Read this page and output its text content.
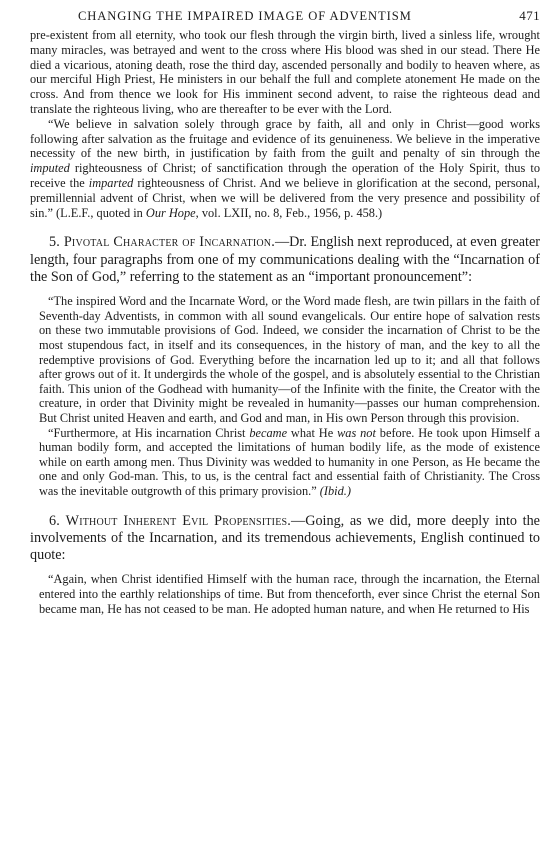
CHANGING THE IMPAIRED IMAGE OF ADVENTISM	471

pre-existent from all eternity, who took our flesh through the virgin birth, lived a sinless life, wrought many miracles, was betrayed and went to the cross where His blood was shed in our stead. There He died a vicarious, atoning death, rose the third day, ascended personally and bodily to heaven where, as our merciful High Priest, He ministers in our behalf the full and complete atonement He made on the cross. And from thence we look for His imminent second advent, to raise the righteous dead and translate the righteous living, who are thereafter to be ever with the Lord.

“We believe in salvation solely through grace by faith, all and only in Christ—good works following after salvation as the fruitage and evidence of its genuineness. We believe in the imperative necessity of the new birth, in justification by faith from the guilt and penalty of sin through the imputed righteousness of Christ; of sanctification through the operation of the Holy Spirit, thus to receive the imparted righteousness of Christ. And we believe in glorification at the second, personal, premillennial advent of Christ, when we will be delivered from the very presence and possibility of sin.” (L.E.F., quoted in Our Hope, vol. LXII, no. 8, Feb., 1956, p. 458.)

5. Pivotal Character of Incarnation.—Dr. English next reproduced, at even greater length, four paragraphs from one of my communications dealing with the “Incarnation of the Son of God,” referring to the statement as an “important pronouncement”:

“The inspired Word and the Incarnate Word, or the Word made flesh, are twin pillars in the faith of Seventh-day Adventists, in common with all sound evangelicals. Our entire hope of salvation rests on these two immutable provisions of God. Indeed, we consider the incarnation of Christ to be the most stupendous fact, in itself and its consequences, in the history of man, and the key to all the redemptive provisions of God. Everything before the incarnation led up to it; and all that follows after grows out of it. It undergirds the whole of the gospel, and is absolutely essential to the Christian faith. This union of the Godhead with humanity—of the Infinite with the finite, the Creator with the creature, in order that Divinity might be revealed in humanity—passes our human comprehension. But Christ united Heaven and earth, and God and man, in His own Person through this provision.

“Furthermore, at His incarnation Christ became what He was not before. He took upon Himself a human bodily form, and accepted the limitations of human bodily life, as the mode of existence while on earth among men. Thus Divinity was wedded to humanity in one Person, as He became the one and only God-man. This, to us, is the central fact and essential faith of Christianity. The Cross was the inevitable outgrowth of this primary provision.” (Ibid.)

6. Without Inherent Evil Propensities.—Going, as we did, more deeply into the involvements of the Incarnation, and its tremendous achievements, English continued to quote:

“Again, when Christ identified Himself with the human race, through the incarnation, the Eternal entered into the earthly relationships of time. But from thenceforth, ever since Christ the eternal Son became man, He has not ceased to be man. He adopted human nature, and when He returned to His
